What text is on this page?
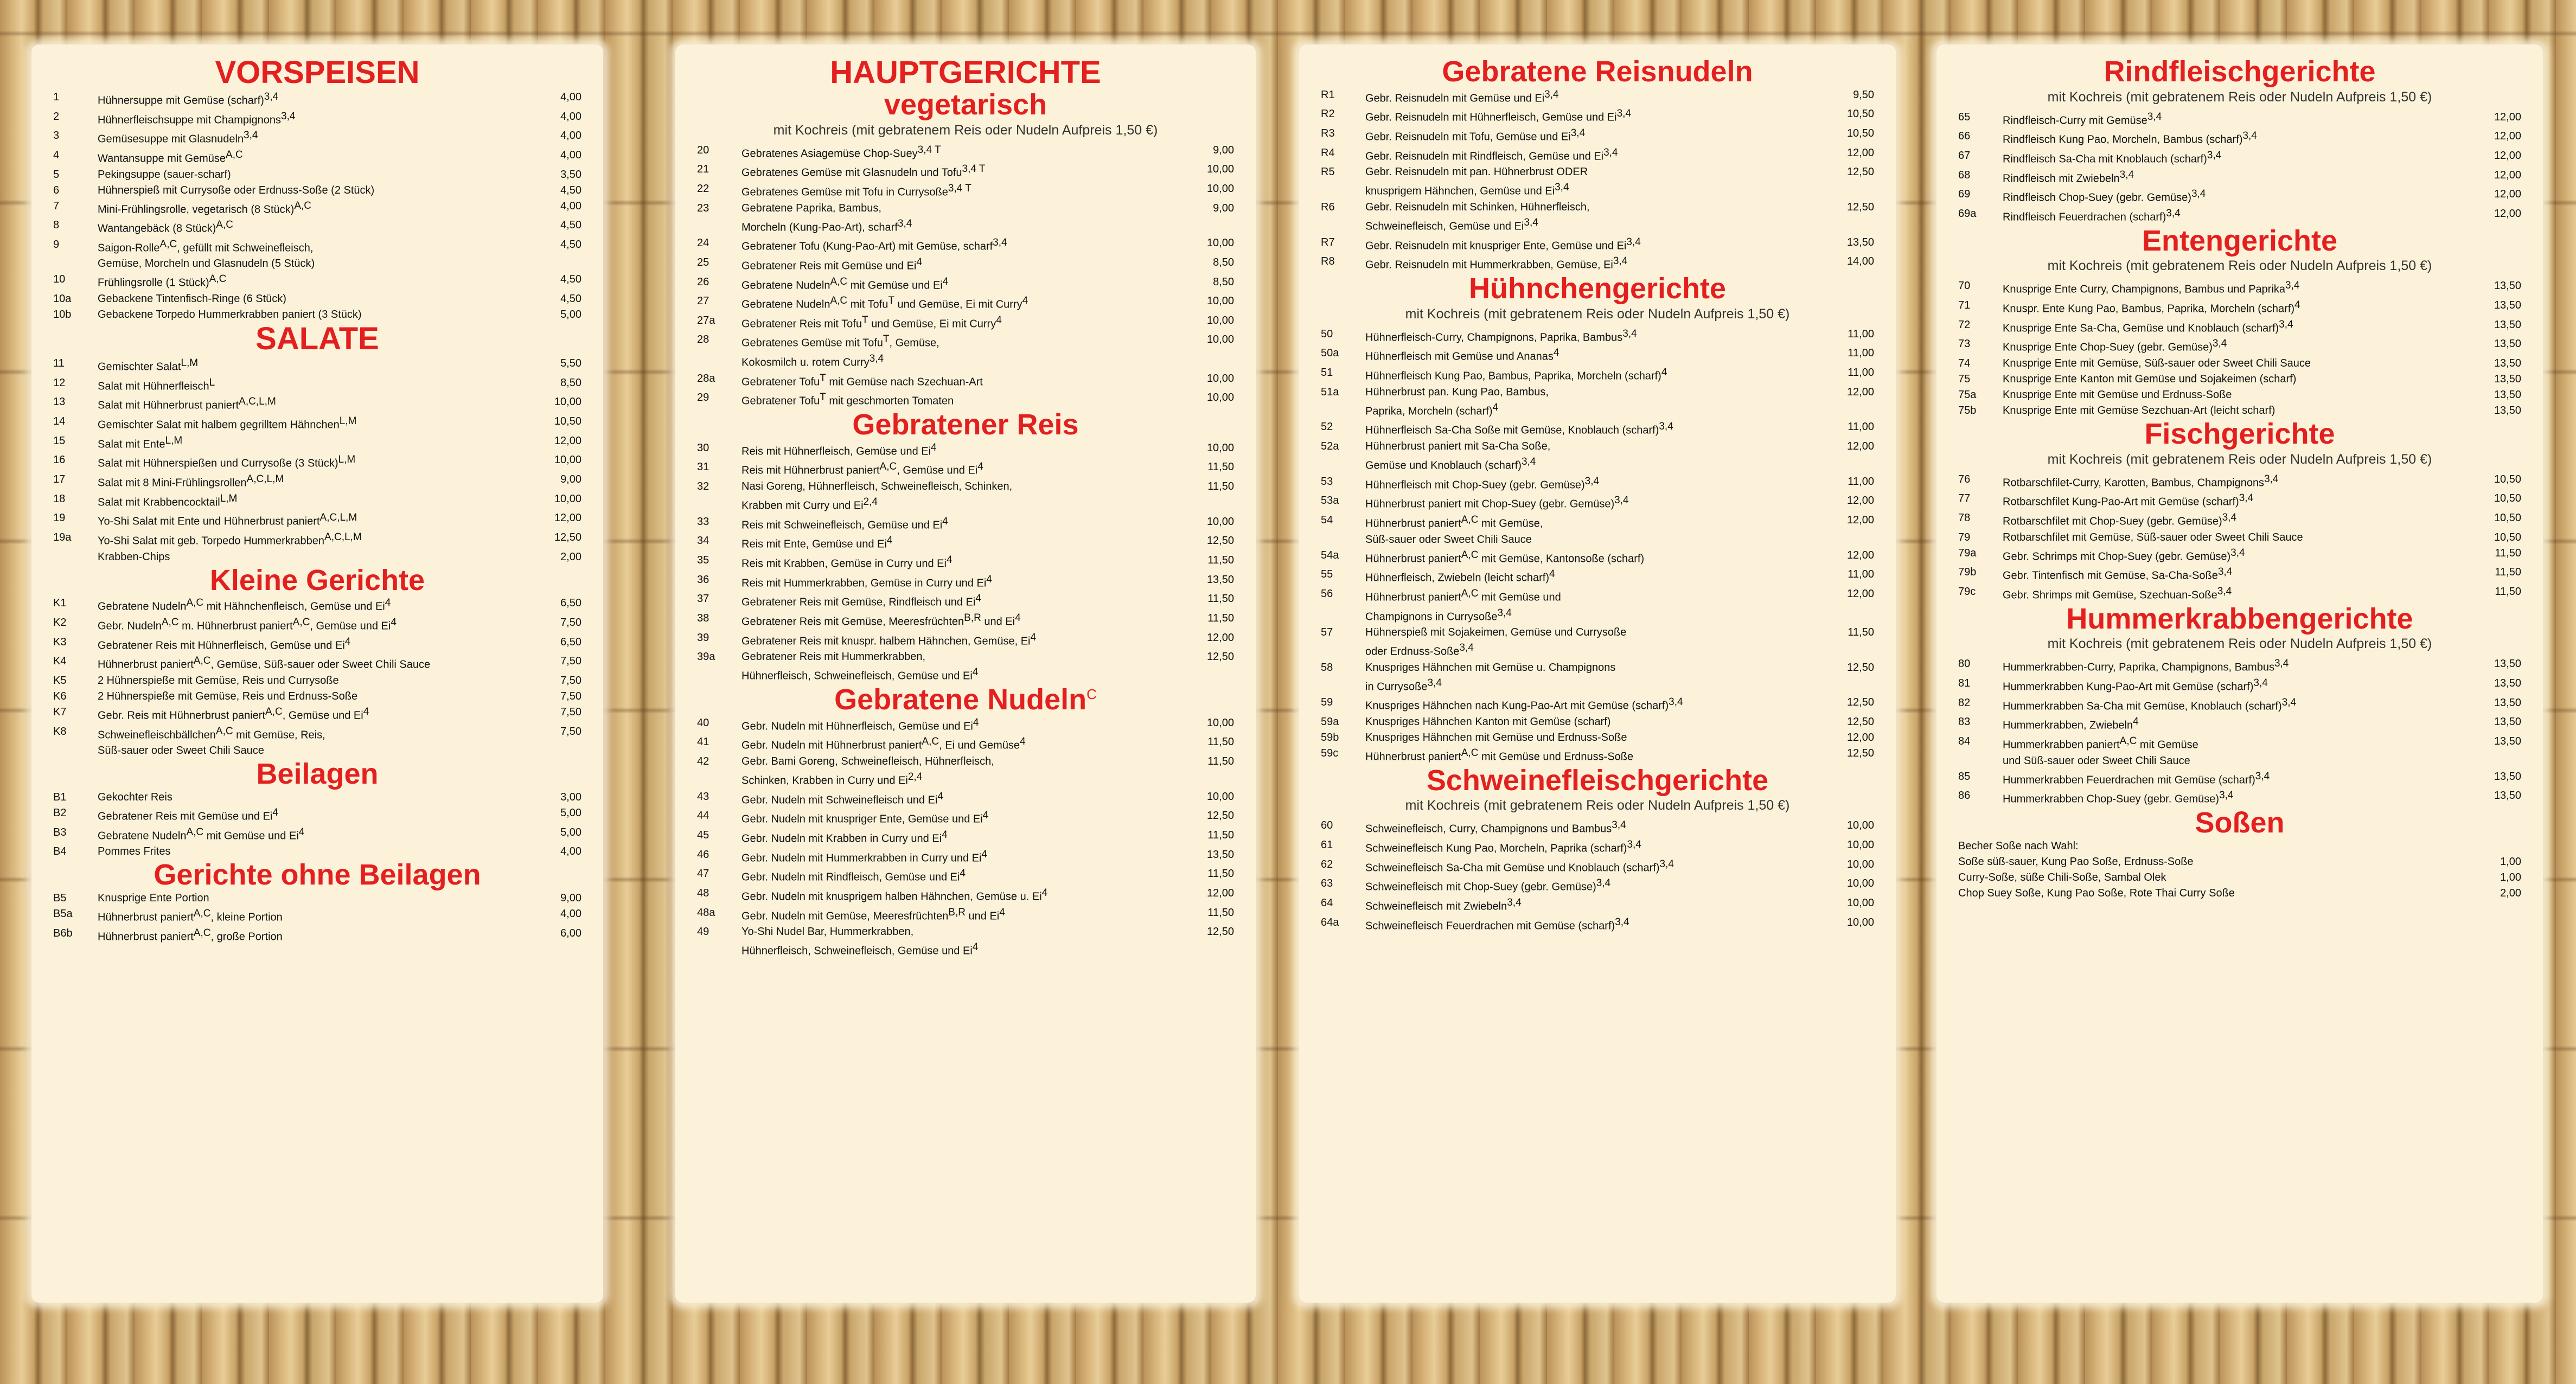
VORSPEISEN
1	Hühnersuppe mit Gemüse (scharf)$^{3,4}$	4,00
2	Hühnerfleischsuppe mit Champignons$^{3,4}$	4,00
3	Gemüsesuppe mit Glasnudeln$^{3,4}$	4,00
4	Wantansuppe mit Gemüse$^{A,C}$	4,00
5	Pekingsuppe (sauer-scharf)	3,50
6	Hühnerspieß mit Currysoße oder Erdnuss-Soße (2 Stück)	4,50
7	Mini-Frühlingsrolle, vegetarisch (8 Stück)$^{A,C}$	4,00
8	Wantangebäck (8 Stück)$^{A,C}$	4,50
9	Saigon-Rolle$^{A,C}$, gefüllt mit Schweinefleisch,	4,50
Gemüse, Morcheln und Glasnudeln (5 Stück)
10	Frühlingsrolle (1 Stück)$^{A,C}$	4,50
10a	Gebackene Tintenfisch-Ringe (6 Stück)	4,50
10b	Gebackene Torpedo Hummerkrabben paniert (3 Stück)	5,00
SALATE
11	Gemischter Salat$^{L,M}$	5,50
12	Salat mit Hühnerfleisch$^L$	8,50
13	Salat mit Hühnerbrust paniert$^{A,C,L,M}$	10,00
14	Gemischter Salat mit halbem gegrilltem Hähnchen$^{L,M}$	10,50
15	Salat mit Ente$^{L,M}$	12,00
16	Salat mit Hühnerspießen und Currysoße (3 Stück)$^{L,M}$	10,00
17	Salat mit 8 Mini-Frühlingsrollen$^{A,C,L,M}$	9,00
18	Salat mit Krabbencocktail$^{L,M}$	10,00
19	Yo-Shi Salat mit Ente und Hühnerbrust paniert$^{A,C,L,M}$	12,00
19a	Yo-Shi Salat mit geb. Torpedo Hummerkrabben$^{A,C,L,M}$	12,50
Krabben-Chips	2,00
Kleine Gerichte
K1	Gebratene Nudeln$^{A,C}$ mit Hähnchenfleisch, Gemüse und Ei$^4$	6,50
K2	Gebr. Nudeln$^{A,C}$ m. Hühnerbrust paniert$^{A,C}$, Gemüse und Ei$^4$	7,50
K3	Gebratener Reis mit Hühnerfleisch, Gemüse und Ei$^4$	6,50
K4	Hühnerbrust paniert$^{A,C}$, Gemüse, Süß-sauer oder Sweet Chili Sauce	7,50
K5	2 Hühnerspieße mit Gemüse, Reis und Currysoße	7,50
K6	2 Hühnerspieße mit Gemüse, Reis und Erdnuss-Soße	7,50
K7	Gebr. Reis mit Hühnerbrust paniert$^{A,C}$, Gemüse und Ei$^4$	7,50
K8	Schweinefleischbällchen$^{A,C}$ mit Gemüse, Reis,	7,50
Süß-sauer oder Sweet Chili Sauce
Beilagen
B1	Gekochter Reis	3,00
B2	Gebratener Reis mit Gemüse und Ei$^4$	5,00
B3	Gebratene Nudeln$^{A,C}$ mit Gemüse und Ei$^4$	5,00
B4	Pommes Frites	4,00
Gerichte ohne Beilagen
B5	Knusprige Ente Portion	9,00
B5a	Hühnerbrust paniert$^{A,C}$, kleine Portion	4,00
B6b	Hühnerbrust paniert$^{A,C}$, große Portion	6,00
HAUPTGERICHTE
vegetarisch
mit Kochreis (mit gebratenem Reis oder Nudeln Aufpreis 1,50 €)
20	Gebratenes Asiagemüse Chop-Suey$^{3,4 T}$	9,00
21	Gebratenes Gemüse mit Glasnudeln und Tofu$^{3,4 T}$	10,00
22	Gebratenes Gemüse mit Tofu in Currysoße$^{3,4 T}$	10,00
23	Gebratene Paprika, Bambus,	9,00
Morcheln (Kung-Pao-Art), scharf$^{3,4}$
24	Gebratener Tofu (Kung-Pao-Art) mit Gemüse, scharf$^{3,4}$	10,00
25	Gebratener Reis mit Gemüse und Ei$^4$	8,50
26	Gebratene Nudeln$^{A,C}$ mit Gemüse und Ei$^4$	8,50
27	Gebratene Nudeln$^{A,C}$ mit Tofu$^T$ und Gemüse, Ei mit Curry$^4$	10,00
27a	Gebratener Reis mit Tofu$^T$ und Gemüse, Ei mit Curry$^4$	10,00
28	Gebratenes Gemüse mit Tofu$^T$, Gemüse,	10,00
Kokosmilch u. rotem Curry$^{3,4}$
28a	Gebratener Tofu$^T$ mit Gemüse nach Szechuan-Art	10,00
29	Gebratener Tofu$^T$ mit geschmorten Tomaten	10,00
Gebratener Reis
30	Reis mit Hühnerfleisch, Gemüse und Ei$^4$	10,00
31	Reis mit Hühnerbrust paniert$^{A,C}$, Gemüse und Ei$^4$	11,50
32	Nasi Goreng, Hühnerfleisch, Schweinefleisch, Schinken,	11,50
Krabben mit Curry und Ei$^{2,4}$
33	Reis mit Schweinefleisch, Gemüse und Ei$^4$	10,00
34	Reis mit Ente, Gemüse und Ei$^4$	12,50
35	Reis mit Krabben, Gemüse in Curry und Ei$^4$	11,50
36	Reis mit Hummerkrabben, Gemüse in Curry und Ei$^4$	13,50
37	Gebratener Reis mit Gemüse, Rindfleisch und Ei$^4$	11,50
38	Gebratener Reis mit Gemüse, Meeresfrüchten$^{B,R}$ und Ei$^4$	11,50
39	Gebratener Reis mit knuspr. halbem Hähnchen, Gemüse, Ei$^4$	12,00
39a	Gebratener Reis mit Hummerkrabben,	12,50
Hühnerfleisch, Schweinefleisch, Gemüse und Ei$^4$
Gebratene Nudeln$^C$
40	Gebr. Nudeln mit Hühnerfleisch, Gemüse und Ei$^4$	10,00
41	Gebr. Nudeln mit Hühnerbrust paniert$^{A,C}$, Ei und Gemüse$^4$	11,50
42	Gebr. Bami Goreng, Schweinefleisch, Hühnerfleisch,	11,50
Schinken, Krabben in Curry und Ei$^{2,4}$
43	Gebr. Nudeln mit Schweinefleisch und Ei$^4$	10,00
44	Gebr. Nudeln mit knuspriger Ente, Gemüse und Ei$^4$	12,50
45	Gebr. Nudeln mit Krabben in Curry und Ei$^4$	11,50
46	Gebr. Nudeln mit Hummerkrabben in Curry und Ei$^4$	13,50
47	Gebr. Nudeln mit Rindfleisch, Gemüse und Ei$^4$	11,50
48	Gebr. Nudeln mit knusprigem halben Hähnchen, Gemüse u. Ei$^4$	12,00
48a	Gebr. Nudeln mit Gemüse, Meeresfrüchten$^{B,R}$ und Ei$^4$	11,50
49	Yo-Shi Nudel Bar, Hummerkrabben,	12,50
Hühnerfleisch, Schweinefleisch, Gemüse und Ei$^4$
Gebratene Reisnudeln
R1	Gebr. Reisnudeln mit Gemüse und Ei$^{3,4}$	9,50
R2	Gebr. Reisnudeln mit Hühnerfleisch, Gemüse und Ei$^{3,4}$	10,50
R3	Gebr. Reisnudeln mit Tofu, Gemüse und Ei$^{3,4}$	10,50
R4	Gebr. Reisnudeln mit Rindfleisch, Gemüse und Ei$^{3,4}$	12,00
R5	Gebr. Reisnudeln mit pan. Hühnerbrust ODER	12,50
knusprigem Hähnchen, Gemüse und Ei$^{3,4}$
R6	Gebr. Reisnudeln mit Schinken, Hühnerfleisch,	12,50
Schweinefleisch, Gemüse und Ei$^{3,4}$
R7	Gebr. Reisnudeln mit knuspriger Ente, Gemüse und Ei$^{3,4}$	13,50
R8	Gebr. Reisnudeln mit Hummerkrabben, Gemüse, Ei$^{3,4}$	14,00
Hühnchengerichte
mit Kochreis (mit gebratenem Reis oder Nudeln Aufpreis 1,50 €)
50	Hühnerfleisch-Curry, Champignons, Paprika, Bambus$^{3,4}$	11,00
50a	Hühnerfleisch mit Gemüse und Ananas$^4$	11,00
51	Hühnerfleisch Kung Pao, Bambus, Paprika, Morcheln (scharf)$^4$	11,00
51a	Hühnerbrust pan. Kung Pao, Bambus,	12,00
Paprika, Morcheln (scharf)$^4$
52	Hühnerfleisch Sa-Cha Soße mit Gemüse, Knoblauch (scharf)$^{3,4}$	11,00
52a	Hühnerbrust paniert mit Sa-Cha Soße,	12,00
Gemüse und Knoblauch (scharf)$^{3,4}$
53	Hühnerfleisch mit Chop-Suey (gebr. Gemüse)$^{3,4}$	11,00
53a	Hühnerbrust paniert mit Chop-Suey (gebr. Gemüse)$^{3,4}$	12,00
54	Hühnerbrust paniert$^{A,C}$ mit Gemüse,	12,00
Süß-sauer oder Sweet Chili Sauce
54a	Hühnerbrust paniert$^{A,C}$ mit Gemüse, Kantonsoße (scharf)	12,00
55	Hühnerfleisch, Zwiebeln (leicht scharf)$^4$	11,00
56	Hühnerbrust paniert$^{A,C}$ mit Gemüse und	12,00
Champignons in Currysoße$^{3,4}$
57	Hühnerspieß mit Sojakeimen, Gemüse und Currysoße	11,50
oder Erdnuss-Soße$^{3,4}$
58	Knuspriges Hähnchen mit Gemüse u. Champignons	12,50
in Currysoße$^{3,4}$
59	Knuspriges Hähnchen nach Kung-Pao-Art mit Gemüse (scharf)$^{3,4}$	12,50
59a	Knuspriges Hähnchen Kanton mit Gemüse (scharf)	12,50
59b	Knuspriges Hähnchen mit Gemüse und Erdnuss-Soße	12,00
59c	Hühnerbrust paniert$^{A,C}$ mit Gemüse und Erdnuss-Soße	12,50
Schweinefleischgerichte
mit Kochreis (mit gebratenem Reis oder Nudeln Aufpreis 1,50 €)
60	Schweinefleisch, Curry, Champignons und Bambus$^{3,4}$	10,00
61	Schweinefleisch Kung Pao, Morcheln, Paprika (scharf)$^{3,4}$	10,00
62	Schweinefleisch Sa-Cha mit Gemüse und Knoblauch (scharf)$^{3,4}$	10,00
63	Schweinefleisch mit Chop-Suey (gebr. Gemüse)$^{3,4}$	10,00
64	Schweinefleisch mit Zwiebeln$^{3,4}$	10,00
64a	Schweinefleisch Feuerdrachen mit Gemüse (scharf)$^{3,4}$	10,00
Rindfleischgerichte
mit Kochreis (mit gebratenem Reis oder Nudeln Aufpreis 1,50 €)
65	Rindfleisch-Curry mit Gemüse$^{3,4}$	12,00
66	Rindfleisch Kung Pao, Morcheln, Bambus (scharf)$^{3,4}$	12,00
67	Rindfleisch Sa-Cha mit Knoblauch (scharf)$^{3,4}$	12,00
68	Rindfleisch mit Zwiebeln$^{3,4}$	12,00
69	Rindfleisch Chop-Suey (gebr. Gemüse)$^{3,4}$	12,00
69a	Rindfleisch Feuerdrachen (scharf)$^{3,4}$	12,00
Entengerichte
mit Kochreis (mit gebratenem Reis oder Nudeln Aufpreis 1,50 €)
70	Knusprige Ente Curry, Champignons, Bambus und Paprika$^{3,4}$	13,50
71	Knuspr. Ente Kung Pao, Bambus, Paprika, Morcheln (scharf)$^4$	13,50
72	Knusprige Ente Sa-Cha, Gemüse und Knoblauch (scharf)$^{3,4}$	13,50
73	Knusprige Ente Chop-Suey (gebr. Gemüse)$^{3,4}$	13,50
74	Knusprige Ente mit Gemüse, Süß-sauer oder Sweet Chili Sauce	13,50
75	Knusprige Ente Kanton mit Gemüse und Sojakeimen (scharf)	13,50
75a	Knusprige Ente mit Gemüse und Erdnuss-Soße	13,50
75b	Knusprige Ente mit Gemüse Sezchuan-Art (leicht scharf)	13,50
Fischgerichte
mit Kochreis (mit gebratenem Reis oder Nudeln Aufpreis 1,50 €)
76	Rotbarschfilet-Curry, Karotten, Bambus, Champignons$^{3,4}$	10,50
77	Rotbarschfilet Kung-Pao-Art mit Gemüse (scharf)$^{3,4}$	10,50
78	Rotbarschfilet mit Chop-Suey (gebr. Gemüse)$^{3,4}$	10,50
79	Rotbarschfilet mit Gemüse, Süß-sauer oder Sweet Chili Sauce	10,50
79a	Gebr. Schrimps mit Chop-Suey (gebr. Gemüse)$^{3,4}$	11,50
79b	Gebr. Tintenfisch mit Gemüse, Sa-Cha-Soße$^{3,4}$	11,50
79c	Gebr. Shrimps mit Gemüse, Szechuan-Soße$^{3,4}$	11,50
Hummerkrabbengerichte
mit Kochreis (mit gebratenem Reis oder Nudeln Aufpreis 1,50 €)
80	Hummerkrabben-Curry, Paprika, Champignons, Bambus$^{3,4}$	13,50
81	Hummerkrabben Kung-Pao-Art mit Gemüse (scharf)$^{3,4}$	13,50
82	Hummerkrabben Sa-Cha mit Gemüse, Knoblauch (scharf)$^{3,4}$	13,50
83	Hummerkrabben, Zwiebeln$^4$	13,50
84	Hummerkrabben paniert$^{A,C}$ mit Gemüse	13,50
und Süß-sauer oder Sweet Chili Sauce
85	Hummerkrabben Feuerdrachen mit Gemüse (scharf)$^{3,4}$	13,50
86	Hummerkrabben Chop-Suey (gebr. Gemüse)$^{3,4}$	13,50
Soßen
Becher Soße nach Wahl:
Soße süß-sauer, Kung Pao Soße, Erdnuss-Soße	1,00
Curry-Soße, süße Chili-Soße, Sambal Olek	1,00
Chop Suey Soße, Kung Pao Soße, Rote Thai Curry Soße	2,00
